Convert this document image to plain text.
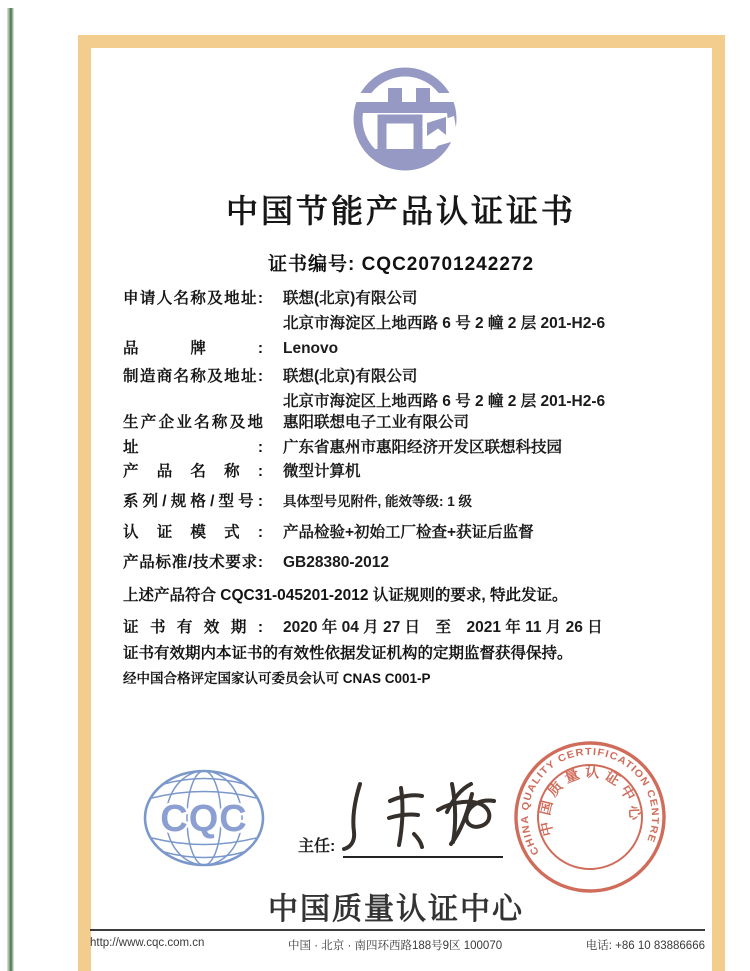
中国节能产品认证证书
证书编号: CQC20701242272
申请人名称及地址: 联想(北京)有限公司
北京市海淀区上地西路 6 号 2 幢 2 层 201-H2-6
品牌: Lenovo
制造商名称及地址: 联想(北京)有限公司
北京市海淀区上地西路 6 号 2 幢 2 层 201-H2-6
生产企业名称及地址:
惠阳联想电子工业有限公司
广东省惠州市惠阳经济开发区联想科技园
产品名称: 微型计算机
系列/规格/型号: 具体型号见附件, 能效等级: 1 级
认证模式: 产品检验+初始工厂检查+获证后监督
产品标准/技术要求: GB28380-2012
上述产品符合 CQC31-045201-2012 认证规则的要求, 特此发证。
证书有效期: 2020 年 04 月 27 日　至　2021 年 11 月 26 日
证书有效期内本证书的有效性依据发证机构的定期监督获得保持。
经中国合格评定国家认可委员会认可 CNAS C001-P
CQC
主任:	CHINA QUALITY CERTIFICATION CENTRE
中国质量认证中心
中国质量认证中心
http://www.cqc.com.cn	中国 · 北京 · 南四环西路188号9区 100070	电话: +86 10 83886666
